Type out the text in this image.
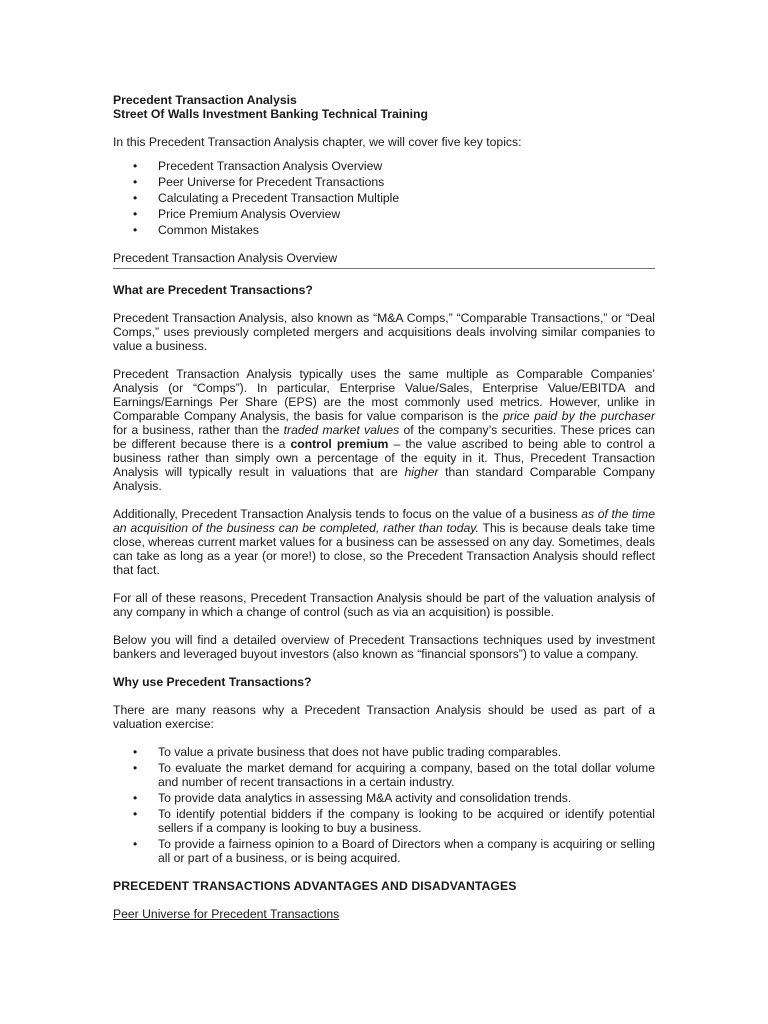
Precedent Transaction Analysis
Street Of Walls Investment Banking Technical Training

In this Precedent Transaction Analysis chapter, we will cover five key topics:

• Precedent Transaction Analysis Overview
• Peer Universe for Precedent Transactions
• Calculating a Precedent Transaction Multiple
• Price Premium Analysis Overview
• Common Mistakes
Precedent Transaction Analysis Overview
What are Precedent Transactions?

Precedent Transaction Analysis, also known as “M&A Comps,” “Comparable Transactions,” or “Deal Comps,” uses previously completed mergers and acquisitions deals involving similar companies to value a business.

Precedent Transaction Analysis typically uses the same multiple as Comparable Companies’ Analysis (or “Comps”). In particular, Enterprise Value/Sales, Enterprise Value/EBITDA and Earnings/Earnings Per Share (EPS) are the most commonly used metrics. However, unlike in Comparable Company Analysis, the basis for value comparison is the price paid by the purchaser for a business, rather than the traded market values of the company’s securities. These prices can be different because there is a control premium – the value ascribed to being able to control a business rather than simply own a percentage of the equity in it. Thus, Precedent Transaction Analysis will typically result in valuations that are higher than standard Comparable Company Analysis.

Additionally, Precedent Transaction Analysis tends to focus on the value of a business as of the time an acquisition of the business can be completed, rather than today. This is because deals take time close, whereas current market values for a business can be assessed on any day. Sometimes, deals can take as long as a year (or more!) to close, so the Precedent Transaction Analysis should reflect that fact.

For all of these reasons, Precedent Transaction Analysis should be part of the valuation analysis of any company in which a change of control (such as via an acquisition) is possible.

Below you will find a detailed overview of Precedent Transactions techniques used by investment bankers and leveraged buyout investors (also known as “financial sponsors”) to value a company.

Why use Precedent Transactions?

There are many reasons why a Precedent Transaction Analysis should be used as part of a valuation exercise:

• To value a private business that does not have public trading comparables.
• To evaluate the market demand for acquiring a company, based on the total dollar volume and number of recent transactions in a certain industry.
• To provide data analytics in assessing M&A activity and consolidation trends.
• To identify potential bidders if the company is looking to be acquired or identify potential sellers if a company is looking to buy a business.
• To provide a fairness opinion to a Board of Directors when a company is acquiring or selling all or part of a business, or is being acquired.
PRECEDENT TRANSACTIONS ADVANTAGES AND DISADVANTAGES
Peer Universe for Precedent Transactions
